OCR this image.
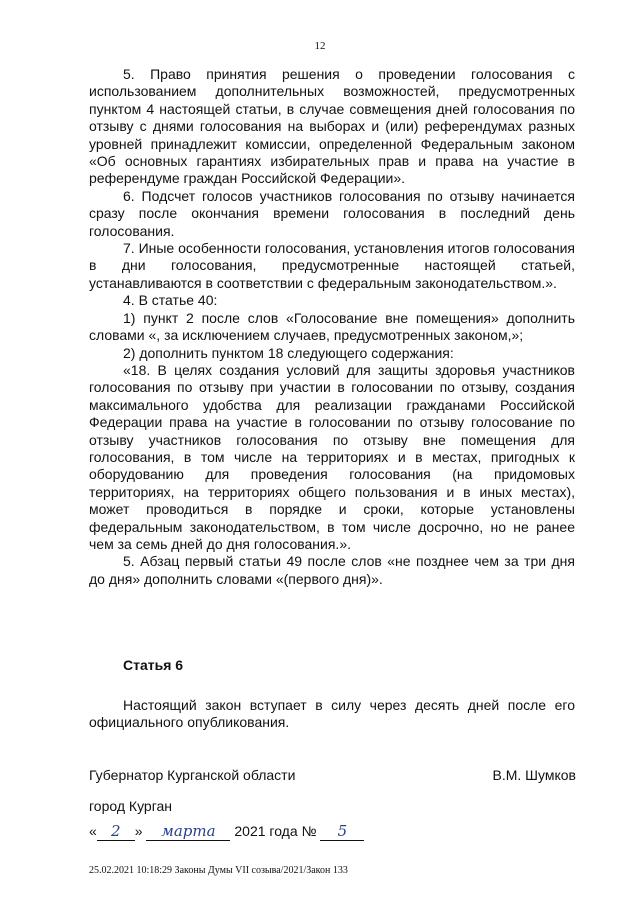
12

5. Право принятия решения о проведении голосования с использованием дополнительных возможностей, предусмотренных пунктом 4 настоящей статьи, в случае совмещения дней голосования по отзыву с днями голосования на выборах и (или) референдумах разных уровней принадлежит комиссии, определенной Федеральным законом «Об основных гарантиях избирательных прав и права на участие в референдуме граждан Российской Федерации».

6. Подсчет голосов участников голосования по отзыву начинается сразу после окончания времени голосования в последний день голосования.

7. Иные особенности голосования, установления итогов голосования в дни голосования, предусмотренные настоящей статьей, устанавливаются в соответствии с федеральным законодательством.».

4. В статье 40:

1) пункт 2 после слов «Голосование вне помещения» дополнить словами «, за исключением случаев, предусмотренных законом,»;

2) дополнить пунктом 18 следующего содержания:

«18. В целях создания условий для защиты здоровья участников голосования по отзыву при участии в голосовании по отзыву, создания максимального удобства для реализации гражданами Российской Федерации права на участие в голосовании по отзыву голосование по отзыву участников голосования по отзыву вне помещения для голосования, в том числе на территориях и в местах, пригодных к оборудованию для проведения голосования (на придомовых территориях, на территориях общего пользования и в иных местах), может проводиться в порядке и сроки, которые установлены федеральным законодательством, в том числе досрочно, но не ранее чем за семь дней до дня голосования.».

5. Абзац первый статьи 49 после слов «не позднее чем за три дня до дня» дополнить словами «(первого дня)».

Статья 6

Настоящий закон вступает в силу через десять дней после его официального опубликования.

Губернатор Курганской области	В.М. Шумков
город Курган
« 2 » марта 2021 года № 5
25.02.2021 10:18:29 Законы Думы VII созыва/2021/Закон 133
